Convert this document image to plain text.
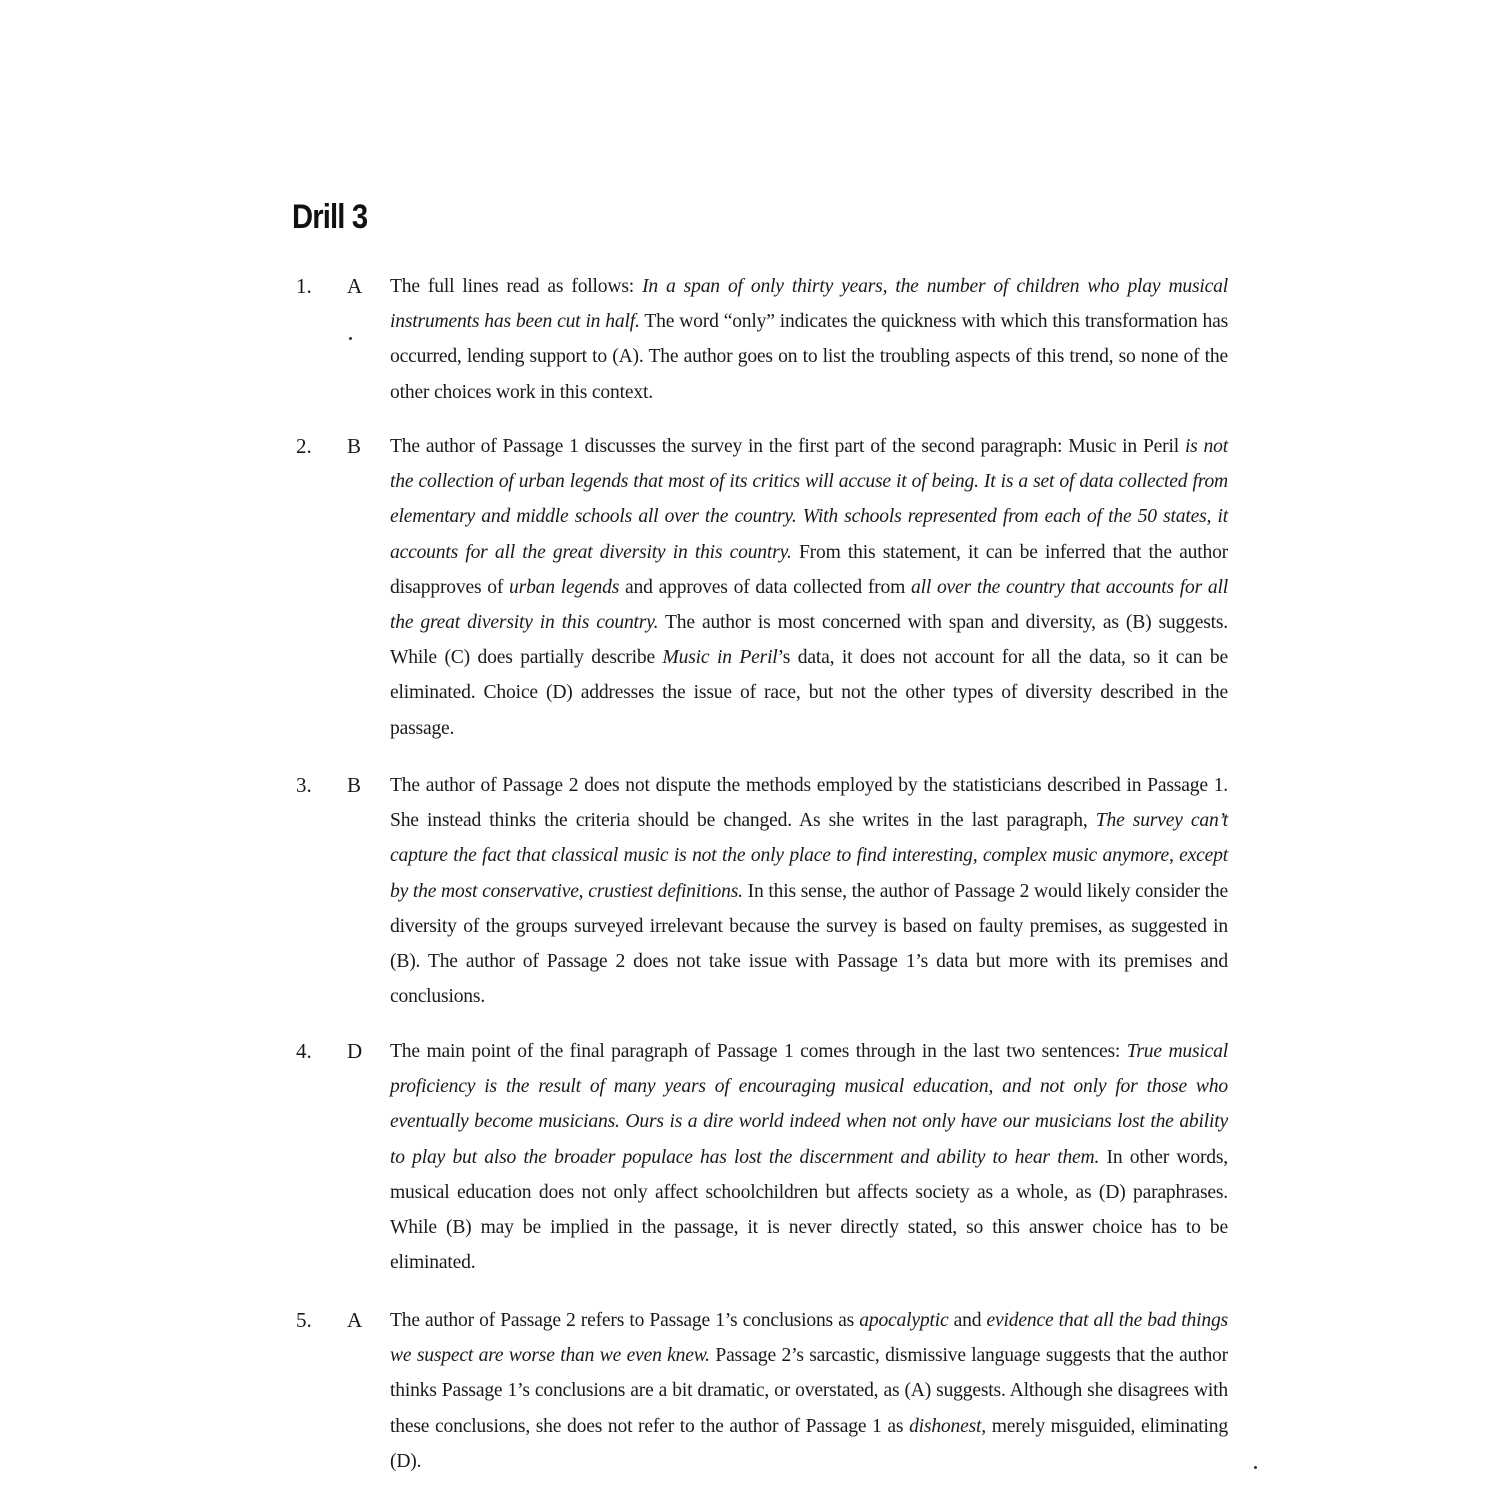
Drill 3
1. A The full lines read as follows: In a span of only thirty years, the number of children who play musical instruments has been cut in half. The word “only” indicates the quickness with which this transformation has occurred, lending support to (A). The author goes on to list the troubling aspects of this trend, so none of the other choices work in this context.

2. B The author of Passage 1 discusses the survey in the first part of the second paragraph: Music in Peril is not the collection of urban legends that most of its critics will accuse it of being. It is a set of data collected from elementary and middle schools all over the country. With schools represented from each of the 50 states, it accounts for all the great diversity in this country. From this statement, it can be inferred that the author disapproves of urban legends and approves of data collected from all over the country that accounts for all the great diversity in this country. The author is most concerned with span and diversity, as (B) suggests. While (C) does partially describe Music in Peril’s data, it does not account for all the data, so it can be eliminated. Choice (D) addresses the issue of race, but not the other types of diversity described in the passage.

3. B The author of Passage 2 does not dispute the methods employed by the statisticians described in Passage 1. She instead thinks the criteria should be changed. As she writes in the last paragraph, The survey can’t capture the fact that classical music is not the only place to find interesting, complex music anymore, except by the most conservative, crustiest definitions. In this sense, the author of Passage 2 would likely consider the diversity of the groups surveyed irrelevant because the survey is based on faulty premises, as suggested in (B). The author of Passage 2 does not take issue with Passage 1’s data but more with its premises and conclusions.

4. D The main point of the final paragraph of Passage 1 comes through in the last two sentences: True musical proficiency is the result of many years of encouraging musical education, and not only for those who eventually become musicians. Ours is a dire world indeed when not only have our musicians lost the ability to play but also the broader populace has lost the discernment and ability to hear them. In other words, musical education does not only affect schoolchildren but affects society as a whole, as (D) paraphrases. While (B) may be implied in the passage, it is never directly stated, so this answer choice has to be eliminated.

5. A The author of Passage 2 refers to Passage 1’s conclusions as apocalyptic and evidence that all the bad things we suspect are worse than we even knew. Passage 2’s sarcastic, dismissive language suggests that the author thinks Passage 1’s conclusions are a bit dramatic, or overstated, as (A) suggests. Although she disagrees with these conclusions, she does not refer to the author of Passage 1 as dishonest, merely misguided, eliminating (D).
